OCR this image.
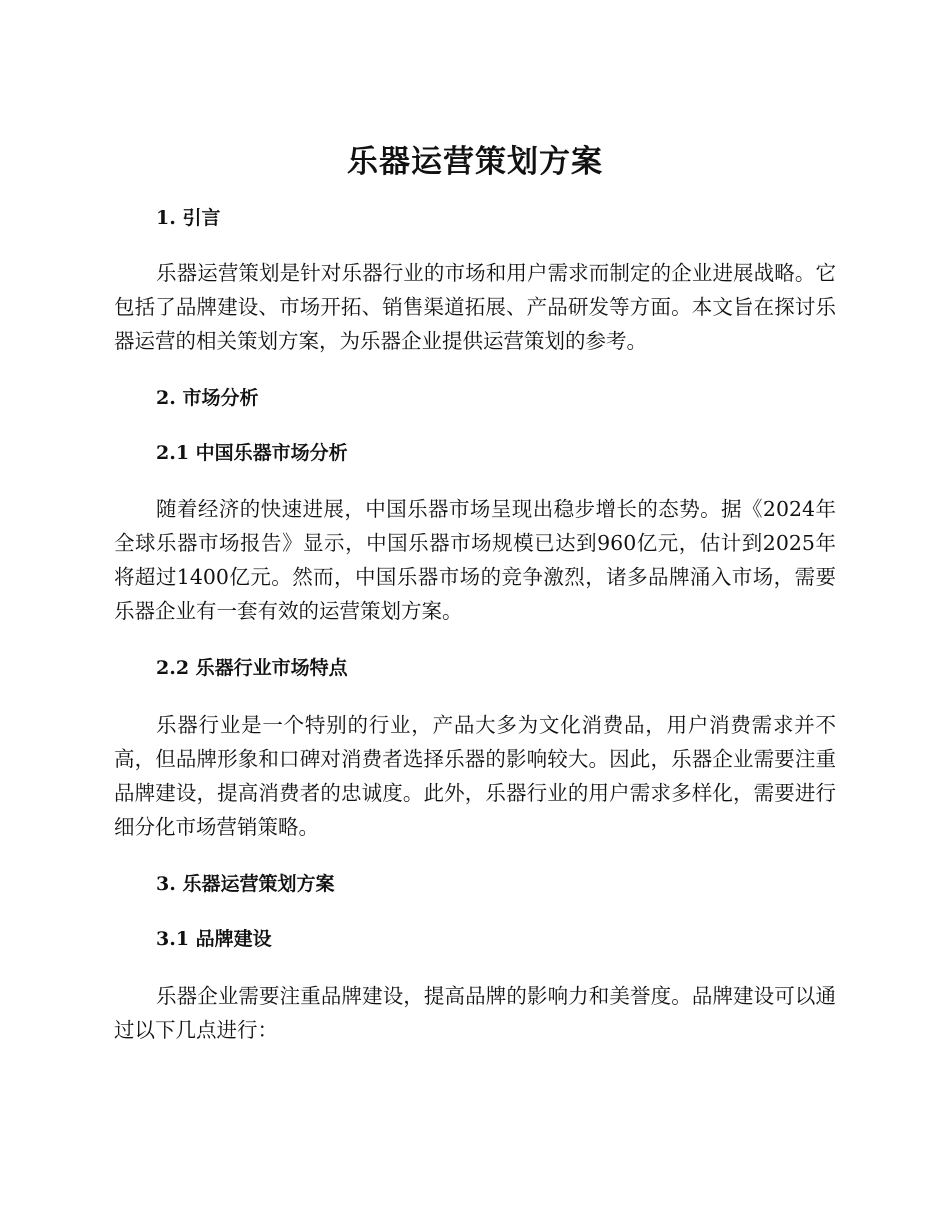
乐器运营策划方案
1. 引言

乐器运营策划是针对乐器行业的市场和用户需求而制定的企业进展战略。它包括了品牌建设、市场开拓、销售渠道拓展、产品研发等方面。本文旨在探讨乐器运营的相关策划方案，为乐器企业提供运营策划的参考。

2. 市场分析
2.1 中国乐器市场分析

随着经济的快速进展，中国乐器市场呈现出稳步增长的态势。据《2024年全球乐器市场报告》显示，中国乐器市场规模已达到960亿元，估计到2025年将超过1400亿元。然而，中国乐器市场的竞争激烈，诸多品牌涌入市场，需要乐器企业有一套有效的运营策划方案。

2.2 乐器行业市场特点

乐器行业是一个特别的行业，产品大多为文化消费品，用户消费需求并不高，但品牌形象和口碑对消费者选择乐器的影响较大。因此，乐器企业需要注重品牌建设，提高消费者的忠诚度。此外，乐器行业的用户需求多样化，需要进行细分化市场营销策略。

3. 乐器运营策划方案
3.1 品牌建设

乐器企业需要注重品牌建设，提高品牌的影响力和美誉度。品牌建设可以通过以下几点进行：
